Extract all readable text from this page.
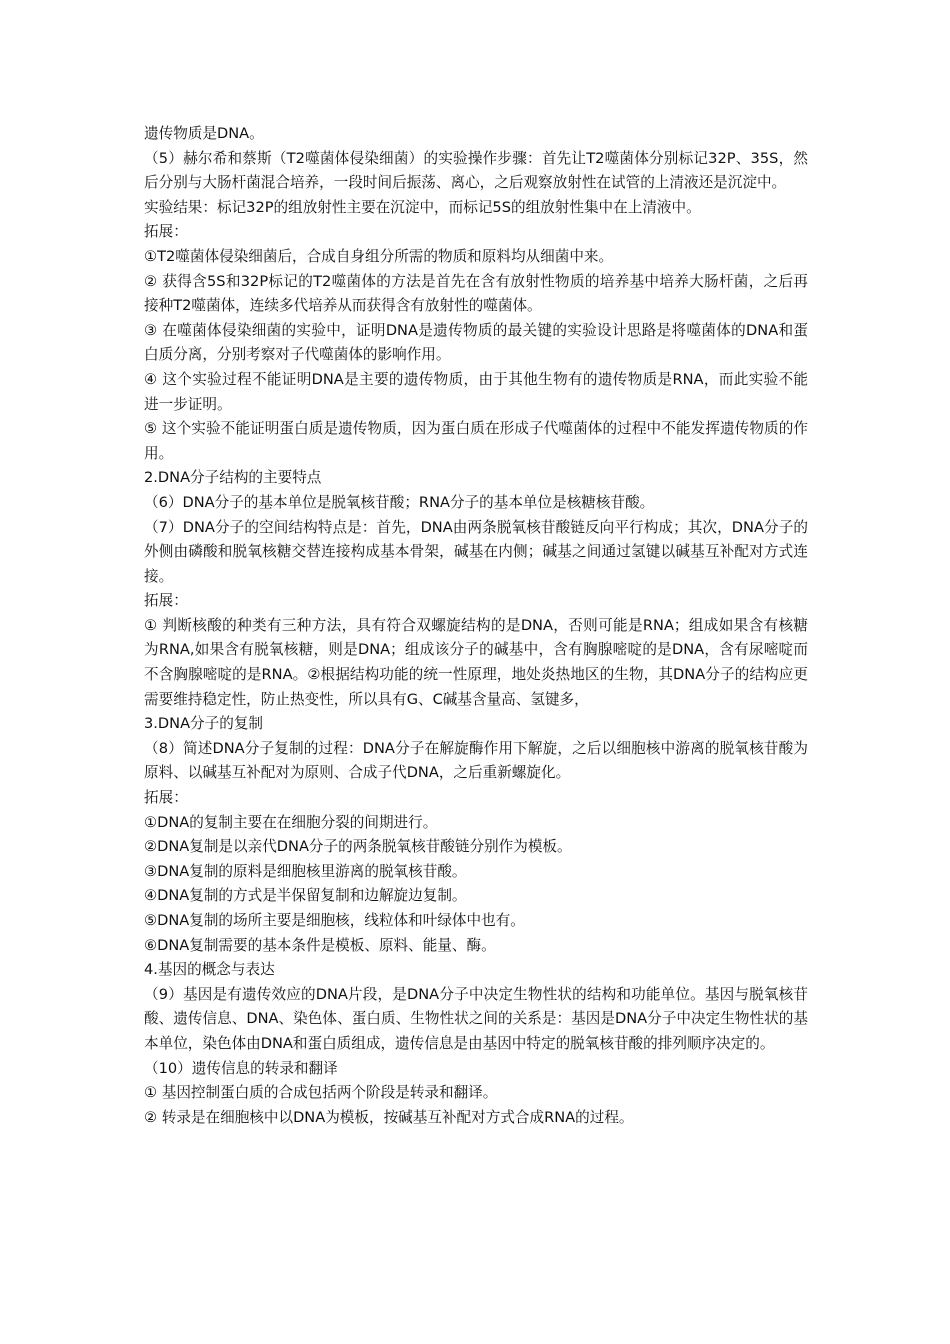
遗传物质是DNA。

（5）赫尔希和蔡斯（T2噬菌体侵染细菌）的实验操作步骤：首先让T2噬菌体分别标记32P、35S，然后分别与大肠杆菌混合培养，一段时间后振荡、离心，之后观察放射性在试管的上清液还是沉淀中。

实验结果：标记32P的组放射性主要在沉淀中，而标记5S的组放射性集中在上清液中。

拓展：

①T2噬菌体侵染细菌后，合成自身组分所需的物质和原料均从细菌中来。

② 获得含5S和32P标记的T2噬菌体的方法是首先在含有放射性物质的培养基中培养大肠杆菌，之后再接种T2噬菌体，连续多代培养从而获得含有放射性的噬菌体。

③ 在噬菌体侵染细菌的实验中，证明DNA是遗传物质的最关键的实验设计思路是将噬菌体的DNA和蛋白质分离，分别考察对子代噬菌体的影响作用。

④ 这个实验过程不能证明DNA是主要的遗传物质，由于其他生物有的遗传物质是RNA，而此实验不能进一步证明。

⑤ 这个实验不能证明蛋白质是遗传物质，因为蛋白质在形成子代噬菌体的过程中不能发挥遗传物质的作用。

2.DNA分子结构的主要特点

（6）DNA分子的基本单位是脱氧核苷酸；RNA分子的基本单位是核糖核苷酸。

（7）DNA分子的空间结构特点是：首先，DNA由两条脱氧核苷酸链反向平行构成；其次，DNA分子的外侧由磷酸和脱氧核糖交替连接构成基本骨架，碱基在内侧；碱基之间通过氢键以碱基互补配对方式连接。

拓展：

① 判断核酸的种类有三种方法，具有符合双螺旋结构的是DNA，否则可能是RNA；组成如果含有核糖为RNA,如果含有脱氧核糖，则是DNA；组成该分子的碱基中，含有胸腺嘧啶的是DNA，含有尿嘧啶而不含胸腺嘧啶的是RNA。②根据结构功能的统一性原理，地处炎热地区的生物，其DNA分子的结构应更需要维持稳定性，防止热变性，所以具有G、C碱基含量高、氢键多，

3.DNA分子的复制

（8）简述DNA分子复制的过程：DNA分子在解旋酶作用下解旋，之后以细胞核中游离的脱氧核苷酸为原料、以碱基互补配对为原则、合成子代DNA，之后重新螺旋化。

拓展：

①DNA的复制主要在在细胞分裂的间期进行。

②DNA复制是以亲代DNA分子的两条脱氧核苷酸链分别作为模板。

③DNA复制的原料是细胞核里游离的脱氧核苷酸。

④DNA复制的方式是半保留复制和边解旋边复制。

⑤DNA复制的场所主要是细胞核，线粒体和叶绿体中也有。

⑥DNA复制需要的基本条件是模板、原料、能量、酶。

4.基因的概念与表达

（9）基因是有遗传效应的DNA片段，是DNA分子中决定生物性状的结构和功能单位。基因与脱氧核苷酸、遗传信息、DNA、染色体、蛋白质、生物性状之间的关系是：基因是DNA分子中决定生物性状的基本单位，染色体由DNA和蛋白质组成，遗传信息是由基因中特定的脱氧核苷酸的排列顺序决定的。

（10）遗传信息的转录和翻译

① 基因控制蛋白质的合成包括两个阶段是转录和翻译。

② 转录是在细胞核中以DNA为模板，按碱基互补配对方式合成RNA的过程。
